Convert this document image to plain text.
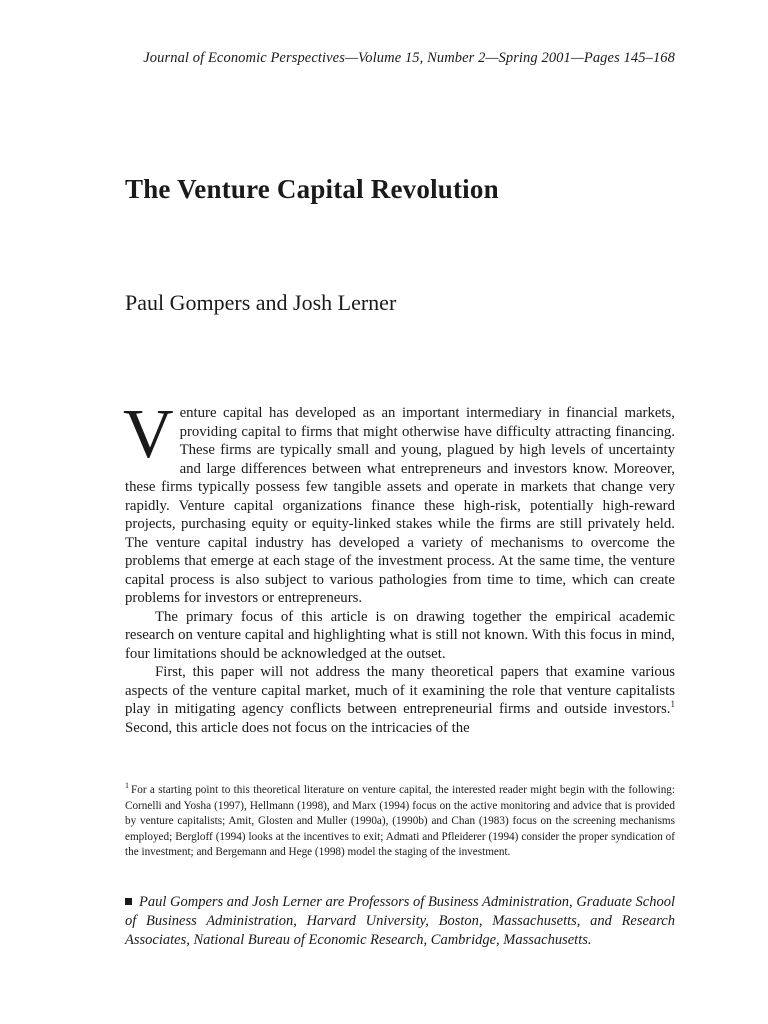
Journal of Economic Perspectives—Volume 15, Number 2—Spring 2001—Pages 145–168
The Venture Capital Revolution
Paul Gompers and Josh Lerner

Venture capital has developed as an important intermediary in financial markets, providing capital to firms that might otherwise have difficulty attracting financing. These firms are typically small and young, plagued by high levels of uncertainty and large differences between what entrepreneurs and investors know. Moreover, these firms typically possess few tangible assets and operate in markets that change very rapidly. Venture capital organizations finance these high-risk, potentially high-reward projects, purchasing equity or equity-linked stakes while the firms are still privately held. The venture capital industry has developed a variety of mechanisms to overcome the problems that emerge at each stage of the investment process. At the same time, the venture capital process is also subject to various pathologies from time to time, which can create problems for investors or entrepreneurs.

The primary focus of this article is on drawing together the empirical academic research on venture capital and highlighting what is still not known. With this focus in mind, four limitations should be acknowledged at the outset.

First, this paper will not address the many theoretical papers that examine various aspects of the venture capital market, much of it examining the role that venture capitalists play in mitigating agency conflicts between entrepreneurial firms and outside investors.$^1$ Second, this article does not focus on the intricacies of the

$^1$ For a starting point to this theoretical literature on venture capital, the interested reader might begin with the following: Cornelli and Yosha (1997), Hellmann (1998), and Marx (1994) focus on the active monitoring and advice that is provided by venture capitalists; Amit, Glosten and Muller (1990a), (1990b) and Chan (1983) focus on the screening mechanisms employed; Bergloff (1994) looks at the incentives to exit; Admati and Pfleiderer (1994) consider the proper syndication of the investment; and Bergemann and Hege (1998) model the staging of the investment.
Paul Gompers and Josh Lerner are Professors of Business Administration, Graduate School of Business Administration, Harvard University, Boston, Massachusetts, and Research Associates, National Bureau of Economic Research, Cambridge, Massachusetts.
